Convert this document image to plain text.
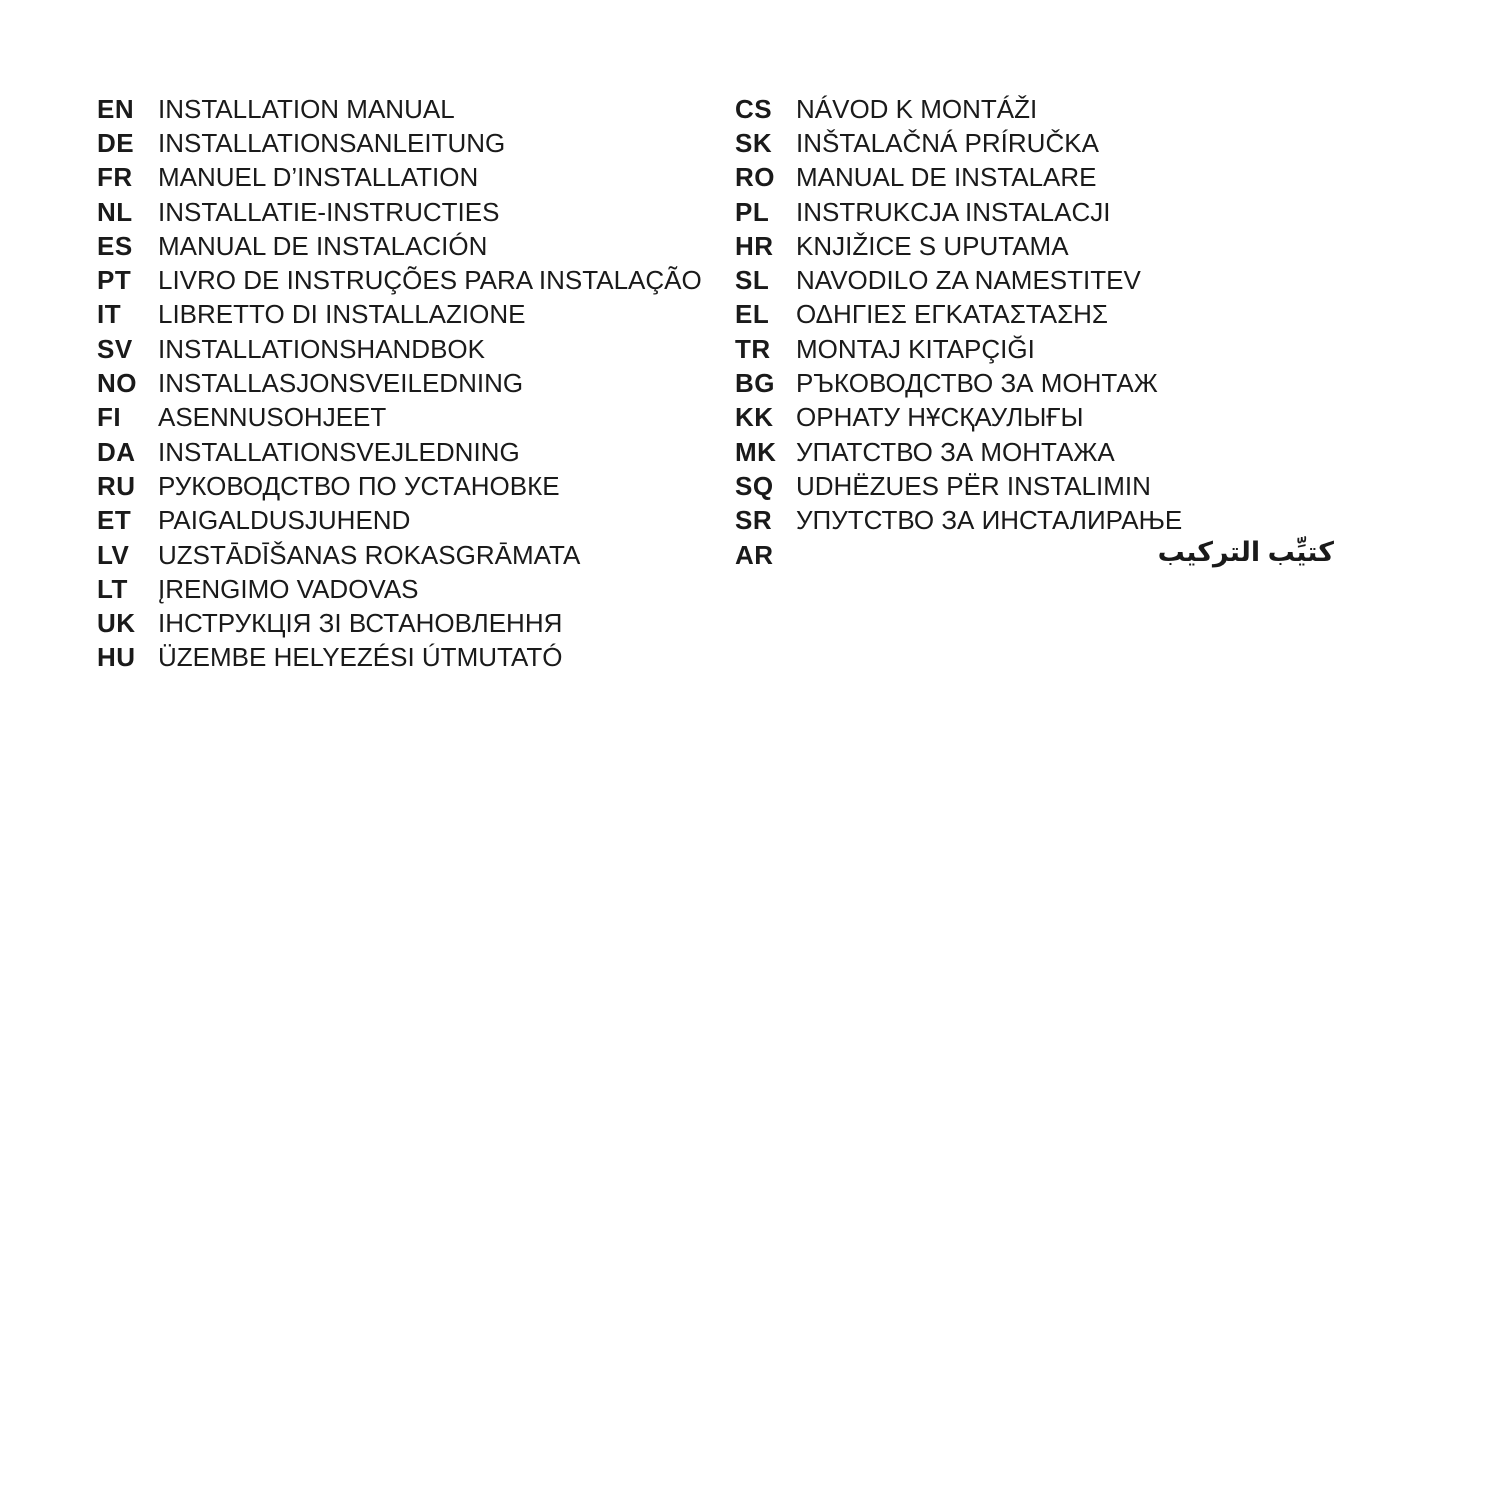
EN INSTALLATION MANUAL
DE INSTALLATIONSANLEITUNG
FR MANUEL D’INSTALLATION
NL INSTALLATIE-INSTRUCTIES
ES MANUAL DE INSTALACIÓN
PT	LIVRO DE INSTRUÇÕES PARA INSTALAÇÃO
IT	LIBRETTO DI INSTALLAZIONE
SV INSTALLATIONSHANDBOK
NO INSTALLASJONSVEILEDNING
FI	ASENNUSOHJEET
DA INSTALLATIONSVEJLEDNING
RU РУКОВОДСТВО ПО УСТАНОВКЕ
ET	PAIGALDUSJUHEND
LV	UZSTĀDĪŠANAS ROKASGRĀMATA
LT	ĮRENGIMO VADOVAS
UK ІНСТРУКЦІЯ ЗІ ВСТАНОВЛЕННЯ
HU ÜZEMBE HELYEZÉSI ÚTMUTATÓ
CS NÁVOD K MONTÁŽI
SK INŠTALAČNÁ PRÍRUČKA
RO MANUAL DE INSTALARE
PL	INSTRUKCJA INSTALACJI
HR KNJIŽICE S UPUTAMA
SL	NAVODILO ZA NAMESTITEV
EL	ΟΔΗΓΙΕΣ ΕΓΚΑΤΑΣΤΑΣΗΣ
TR MONTAJ KITAPÇIĞI
BG РЪКОВОДСТВО ЗА МОНТАЖ
KK ОРНАТУ НҰСҚАУЛЫҒЫ
MK УПАТСТВО ЗА МОНТАЖА
SQ UDHËZUES PËR INSTALIMIN
SR УПУТСТВО ЗА ИНСТАЛИРАЊЕ
AR	كتيِّب التركيب
